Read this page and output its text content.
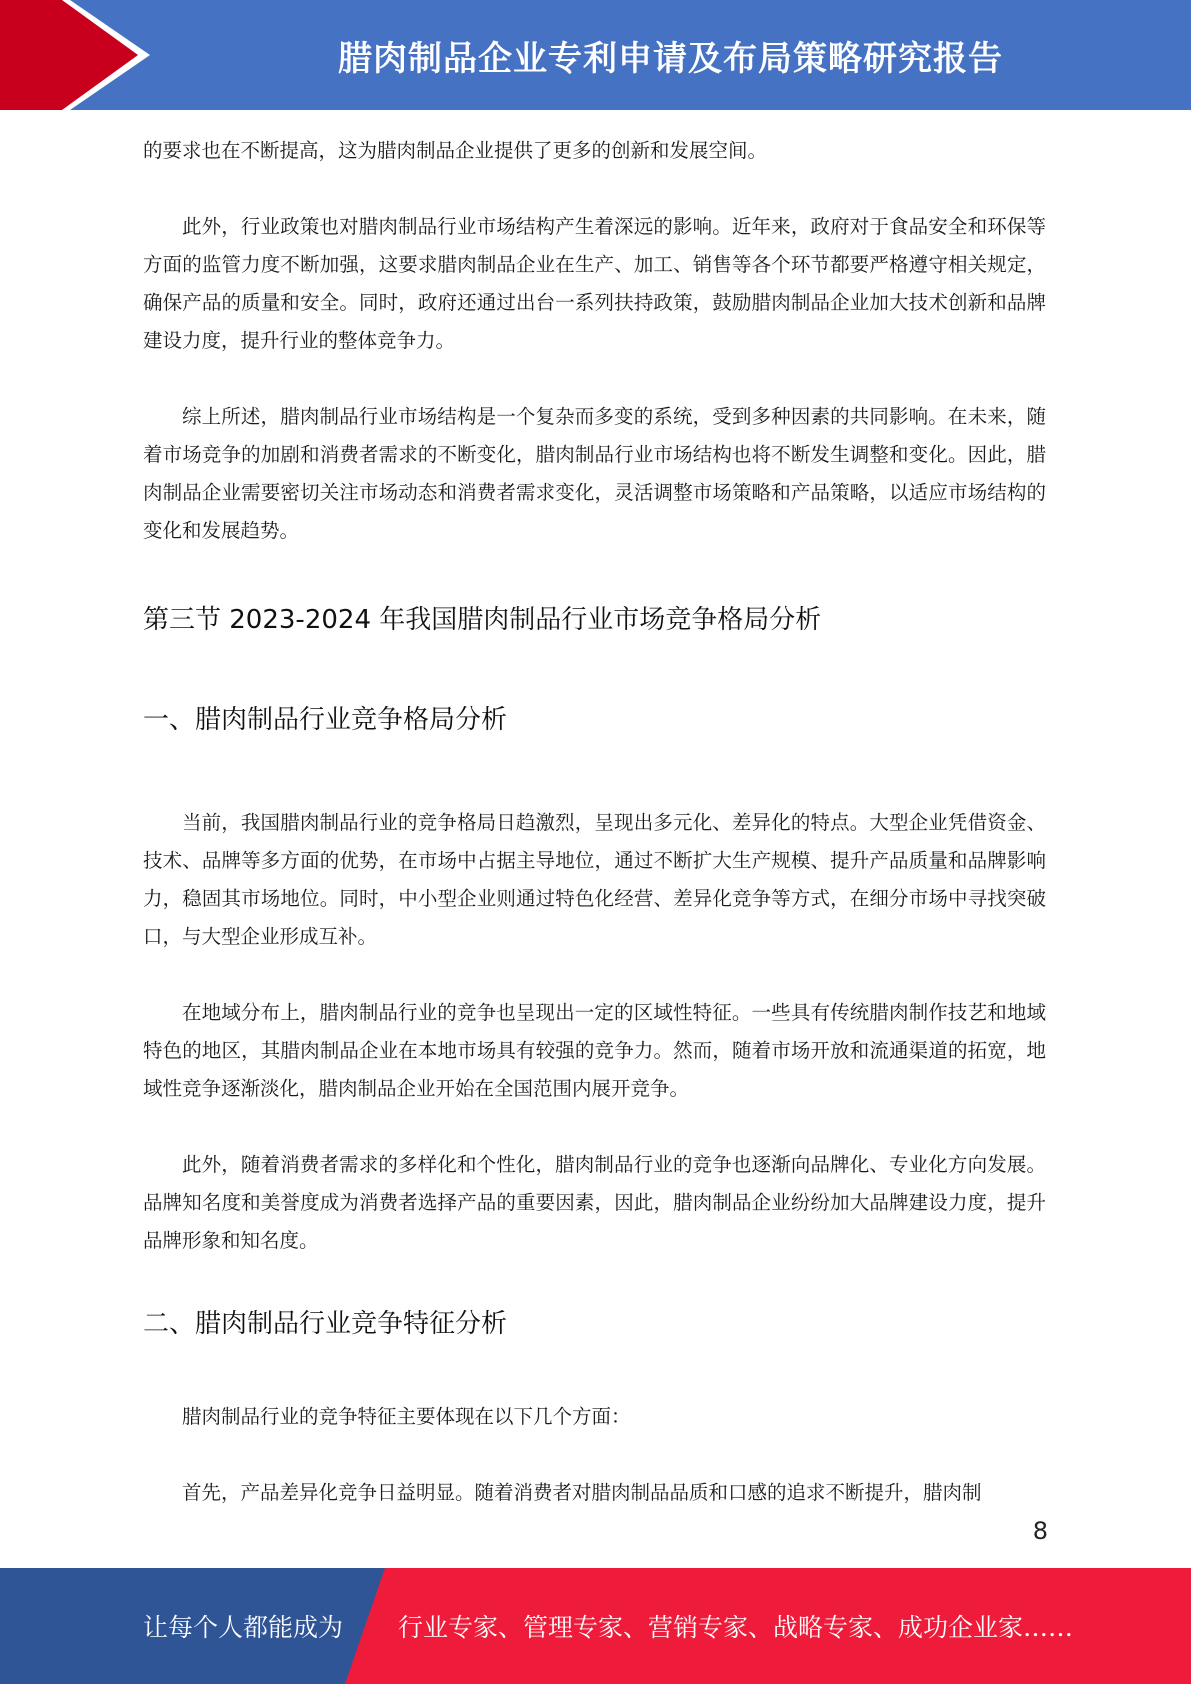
腊肉制品企业专利申请及布局策略研究报告

的要求也在不断提高，这为腊肉制品企业提供了更多的创新和发展空间。

此外，行业政策也对腊肉制品行业市场结构产生着深远的影响。近年来，政府对于食品安全和环保等方面的监管力度不断加强，这要求腊肉制品企业在生产、加工、销售等各个环节都要严格遵守相关规定，确保产品的质量和安全。同时，政府还通过出台一系列扶持政策，鼓励腊肉制品企业加大技术创新和品牌建设力度，提升行业的整体竞争力。

综上所述，腊肉制品行业市场结构是一个复杂而多变的系统，受到多种因素的共同影响。在未来，随着市场竞争的加剧和消费者需求的不断变化，腊肉制品行业市场结构也将不断发生调整和变化。因此，腊肉制品企业需要密切关注市场动态和消费者需求变化，灵活调整市场策略和产品策略，以适应市场结构的变化和发展趋势。

第三节 2023-2024 年我国腊肉制品行业市场竞争格局分析
一、腊肉制品行业竞争格局分析

当前，我国腊肉制品行业的竞争格局日趋激烈，呈现出多元化、差异化的特点。大型企业凭借资金、技术、品牌等多方面的优势，在市场中占据主导地位，通过不断扩大生产规模、提升产品质量和品牌影响力，稳固其市场地位。同时，中小型企业则通过特色化经营、差异化竞争等方式，在细分市场中寻找突破口，与大型企业形成互补。

在地域分布上，腊肉制品行业的竞争也呈现出一定的区域性特征。一些具有传统腊肉制作技艺和地域特色的地区，其腊肉制品企业在本地市场具有较强的竞争力。然而，随着市场开放和流通渠道的拓宽，地域性竞争逐渐淡化，腊肉制品企业开始在全国范围内展开竞争。

此外，随着消费者需求的多样化和个性化，腊肉制品行业的竞争也逐渐向品牌化、专业化方向发展。品牌知名度和美誉度成为消费者选择产品的重要因素，因此，腊肉制品企业纷纷加大品牌建设力度，提升品牌形象和知名度。

二、腊肉制品行业竞争特征分析

腊肉制品行业的竞争特征主要体现在以下几个方面：

首先，产品差异化竞争日益明显。随着消费者对腊肉制品品质和口感的追求不断提升，腊肉制

8
让每个人都能成为 行业专家、管理专家、营销专家、战略专家、成功企业家……
